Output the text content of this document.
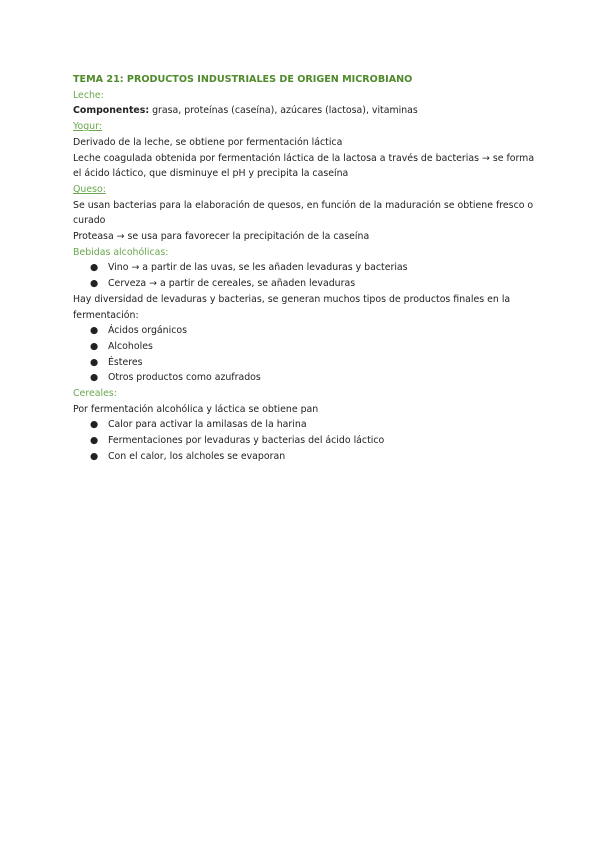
TEMA 21: PRODUCTOS INDUSTRIALES DE ORIGEN MICROBIANO
Leche:
Componentes: grasa, proteínas (caseína), azúcares (lactosa), vitaminas
Yogur:
Derivado de la leche, se obtiene por fermentación láctica
Leche coagulada obtenida por fermentación láctica de la lactosa a través de bacterias → se forma el ácido láctico, que disminuye el pH y precipita la caseína
Queso:
Se usan bacterias para la elaboración de quesos, en función de la maduración se obtiene fresco o curado
Proteasa → se usa para favorecer la precipitación de la caseína
Bebidas alcohólicas:
● Vino → a partir de las uvas, se les añaden levaduras y bacterias
● Cerveza → a partir de cereales, se añaden levaduras
Hay diversidad de levaduras y bacterias, se generan muchos tipos de productos finales en la fermentación:
● Ácidos orgánicos
● Alcoholes
● Ésteres
● Otros productos como azufrados
Cereales:
Por fermentación alcohólica y láctica se obtiene pan
● Calor para activar la amilasas de la harina
● Fermentaciones por levaduras y bacterias del ácido láctico
● Con el calor, los alcholes se evaporan
